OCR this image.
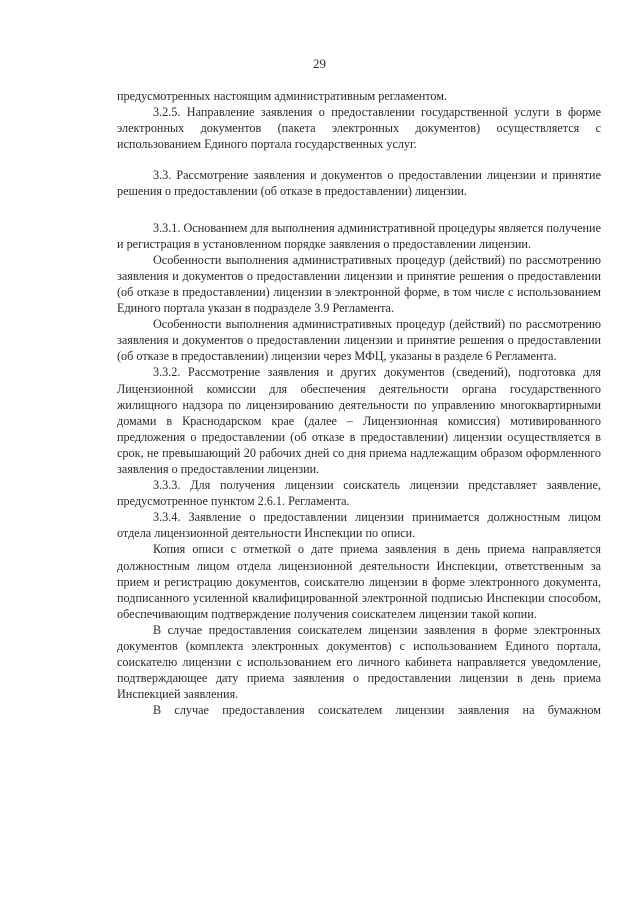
29

предусмотренных настоящим административным регламентом.

3.2.5. Направление заявления о предоставлении государственной услуги в форме электронных документов (пакета электронных документов) осуществляется с использованием Единого портала государственных услуг.

3.3. Рассмотрение заявления и документов о предоставлении лицензии и принятие решения о предоставлении (об отказе в предоставлении) лицензии.

3.3.1. Основанием для выполнения административной процедуры является получение и регистрация в установленном порядке заявления о предоставлении лицензии.

Особенности выполнения административных процедур (действий) по рассмотрению заявления и документов о предоставлении лицензии и принятие решения о предоставлении (об отказе в предоставлении) лицензии в электронной форме, в том числе с использованием Единого портала указан в подразделе 3.9 Регламента.

Особенности выполнения административных процедур (действий) по рассмотрению заявления и документов о предоставлении лицензии и принятие решения о предоставлении (об отказе в предоставлении) лицензии через МФЦ, указаны в разделе 6 Регламента.

3.3.2. Рассмотрение заявления и других документов (сведений), подготовка для Лицензионной комиссии для обеспечения деятельности органа государственного жилищного надзора по лицензированию деятельности по управлению многоквартирными домами в Краснодарском крае (далее – Лицензионная комиссия) мотивированного предложения о предоставлении (об отказе в предоставлении) лицензии осуществляется в срок, не превышающий 20 рабочих дней со дня приема надлежащим образом оформленного заявления о предоставлении лицензии.

3.3.3. Для получения лицензии соискатель лицензии представляет заявление, предусмотренное пунктом 2.6.1. Регламента.

3.3.4. Заявление о предоставлении лицензии принимается должностным лицом отдела лицензионной деятельности Инспекции по описи.

Копия описи с отметкой о дате приема заявления в день приема направляется должностным лицом отдела лицензионной деятельности Инспекции, ответственным за прием и регистрацию документов, соискателю лицензии в форме электронного документа, подписанного усиленной квалифицированной электронной подписью Инспекции способом, обеспечивающим подтверждение получения соискателем лицензии такой копии.

В случае предоставления соискателем лицензии заявления в форме электронных документов (комплекта электронных документов) с использованием Единого портала, соискателю лицензии с использованием его личного кабинета направляется уведомление, подтверждающее дату приема заявления о предоставлении лицензии в день приема Инспекцией заявления.

В случае предоставления соискателем лицензии заявления на бумажном
